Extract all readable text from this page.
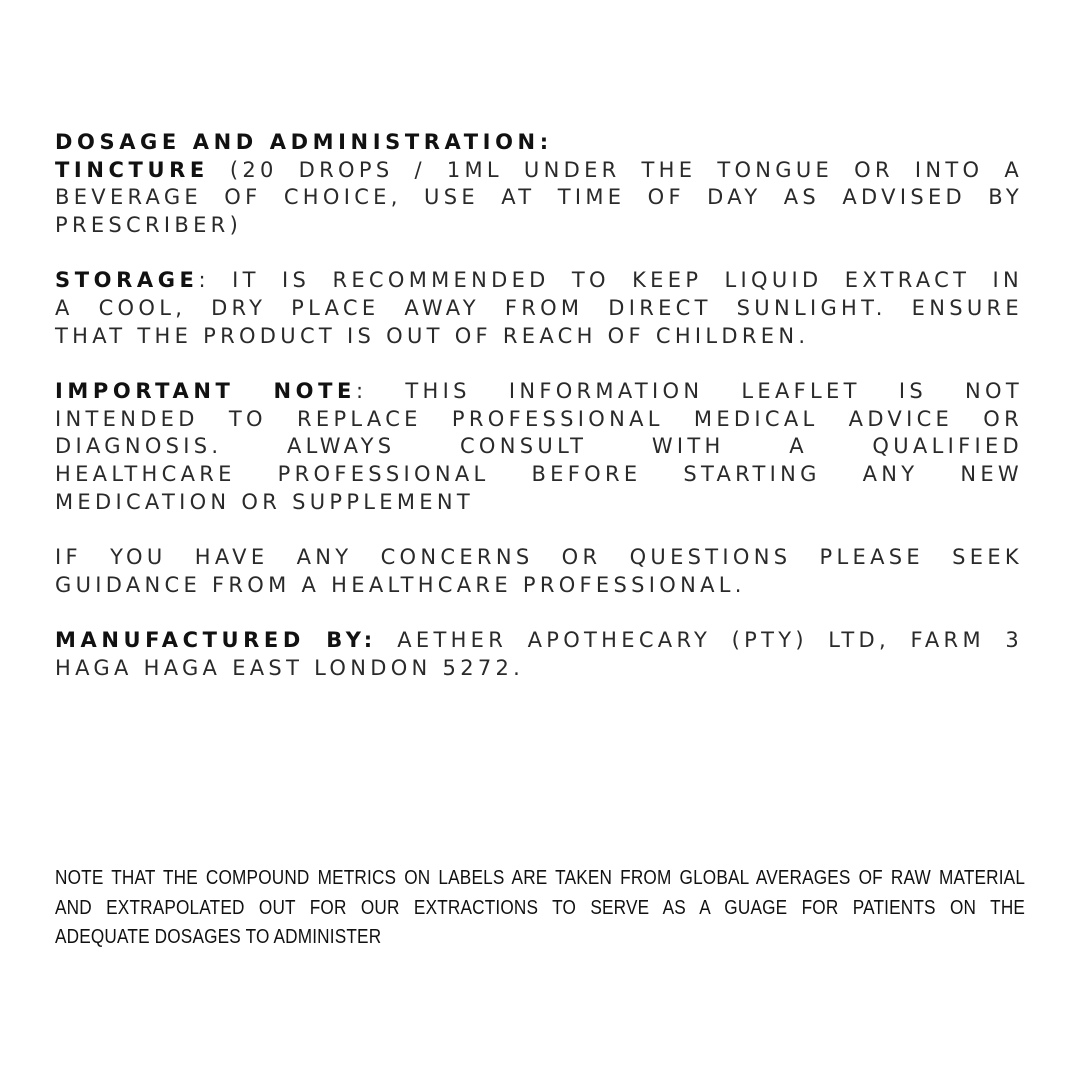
DOSAGE AND ADMINISTRATION:
TINCTURE (20 DROPS / 1ML UNDER THE TONGUE OR INTO A
BEVERAGE OF CHOICE, USE AT TIME OF DAY AS ADVISED BY
PRESCRIBER)

STORAGE: IT IS RECOMMENDED TO KEEP LIQUID EXTRACT IN
A COOL, DRY PLACE AWAY FROM DIRECT SUNLIGHT. ENSURE
THAT THE PRODUCT IS OUT OF REACH OF CHILDREN.

IMPORTANT NOTE: THIS INFORMATION LEAFLET IS NOT
INTENDED TO REPLACE PROFESSIONAL MEDICAL ADVICE OR
DIAGNOSIS. ALWAYS CONSULT WITH A QUALIFIED
HEALTHCARE PROFESSIONAL BEFORE STARTING ANY NEW
MEDICATION OR SUPPLEMENT

IF YOU HAVE ANY CONCERNS OR QUESTIONS PLEASE SEEK
GUIDANCE FROM A HEALTHCARE PROFESSIONAL.

MANUFACTURED BY: AETHER APOTHECARY (PTY) LTD, FARM 3
HAGA HAGA EAST LONDON 5272.

NOTE THAT THE COMPOUND METRICS ON LABELS ARE TAKEN FROM GLOBAL AVERAGES OF RAW MATERIAL
AND EXTRAPOLATED OUT FOR OUR EXTRACTIONS TO SERVE AS A GUAGE FOR PATIENTS ON THE
ADEQUATE DOSAGES TO ADMINISTER
